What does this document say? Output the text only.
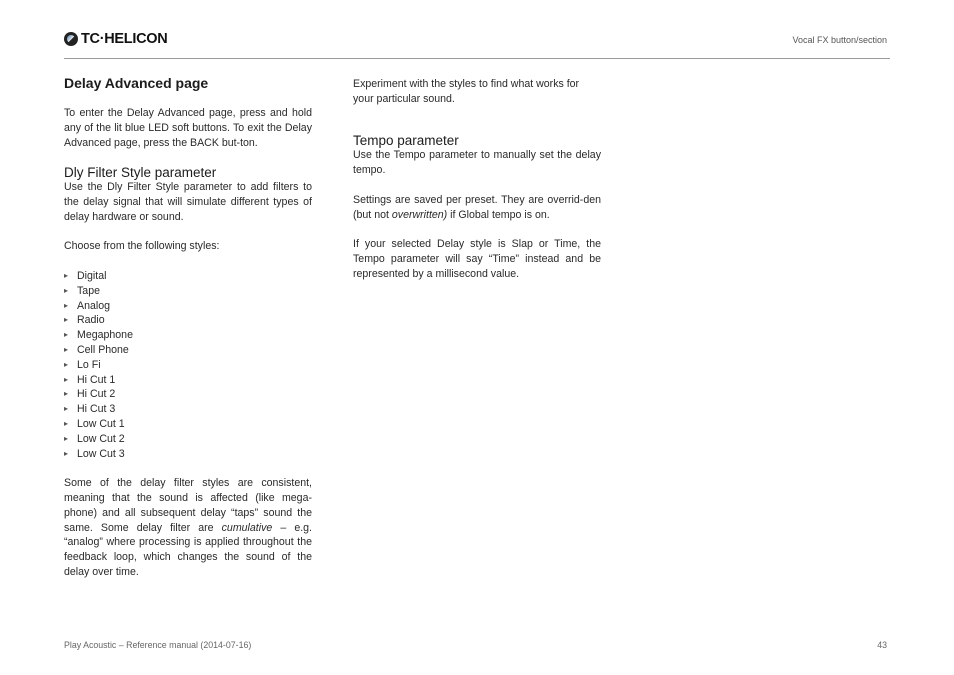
TC·HELICON	Vocal FX button/section
Delay Advanced page

To enter the Delay Advanced page, press and hold any of the lit blue LED soft buttons. To exit the Delay Advanced page, press the BACK but-ton.

Dly Filter Style parameter

Use the Dly Filter Style parameter to add filters to the delay signal that will simulate different types of delay hardware or sound.

Choose from the following styles:

▸ Digital
▸ Tape
▸ Analog
▸ Radio
▸ Megaphone
▸ Cell Phone
▸ Lo Fi
▸ Hi Cut 1
▸ Hi Cut 2
▸ Hi Cut 3
▸ Low Cut 1
▸ Low Cut 2
▸ Low Cut 3

Some of the delay filter styles are consistent, meaning that the sound is affected (like mega-phone) and all subsequent delay “taps” sound the same. Some delay filter are cumulative – e.g. “analog” where processing is applied throughout the feedback loop, which changes the sound of the delay over time.

Experiment with the styles to find what works for your particular sound.

Tempo parameter

Use the Tempo parameter to manually set the delay tempo.

Settings are saved per preset. They are overrid-den (but not overwritten) if Global tempo is on.

If your selected Delay style is Slap or Time, the Tempo parameter will say “Time” instead and be represented by a millisecond value.

Play Acoustic – Reference manual (2014-07-16)	43
